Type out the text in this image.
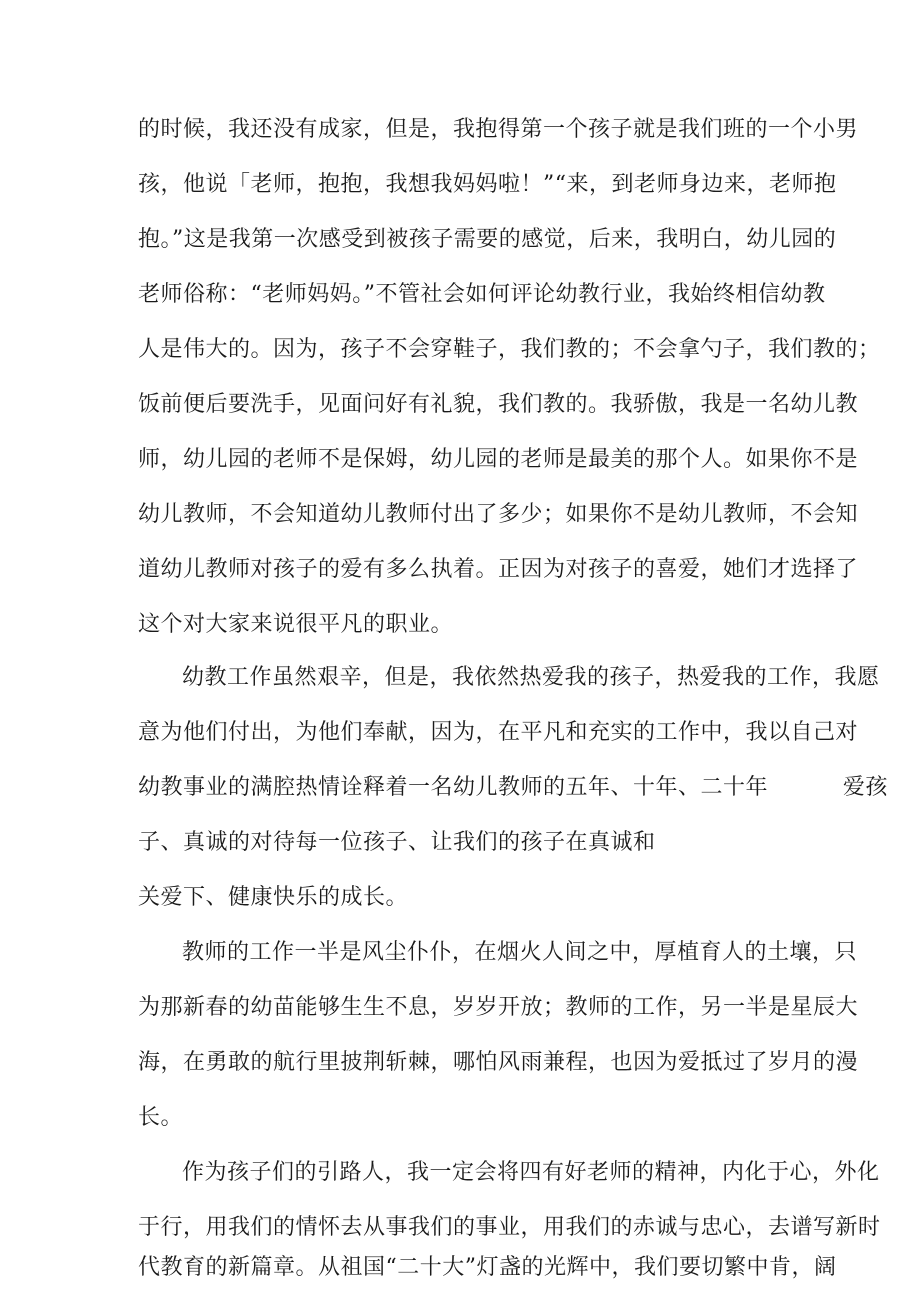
的时候，我还没有成家，但是，我抱得第一个孩子就是我们班的一个小男
孩，他说「老师，抱抱，我想我妈妈啦！”“来，到老师身边来，老师抱
抱。”这是我第一次感受到被孩子需要的感觉，后来，我明白，幼儿园的
老师俗称：“老师妈妈。”不管社会如何评论幼教行业，我始终相信幼教
人是伟大的。因为，孩子不会穿鞋子，我们教的；不会拿勺子，我们教的；
饭前便后要洗手，见面问好有礼貌，我们教的。我骄傲，我是一名幼儿教
师，幼儿园的老师不是保姆，幼儿园的老师是最美的那个人。如果你不是
幼儿教师，不会知道幼儿教师付出了多少；如果你不是幼儿教师，不会知
道幼儿教师对孩子的爱有多么执着。正因为对孩子的喜爱，她们才选择了
这个对大家来说很平凡的职业。
幼教工作虽然艰辛，但是，我依然热爱我的孩子，热爱我的工作，我愿
意为他们付出，为他们奉献，因为，在平凡和充实的工作中，我以自己对
幼教事业的满腔热情诠释着一名幼儿教师的五年、十年、二十年          爱孩
子、真诚的对待每一位孩子、让我们的孩子在真诚和
关爱下、健康快乐的成长。
教师的工作一半是风尘仆仆，在烟火人间之中，厚植育人的土壤，只
为那新春的幼苗能够生生不息，岁岁开放；教师的工作，另一半是星辰大
海，在勇敢的航行里披荆斩棘，哪怕风雨兼程，也因为爱抵过了岁月的漫
长。
作为孩子们的引路人，我一定会将四有好老师的精神，内化于心，外化
于行，用我们的情怀去从事我们的事业，用我们的赤诚与忠心，去谱写新时
代教育的新篇章。从祖国“二十大”灯盏的光辉中，我们要切繁中肯，阔
